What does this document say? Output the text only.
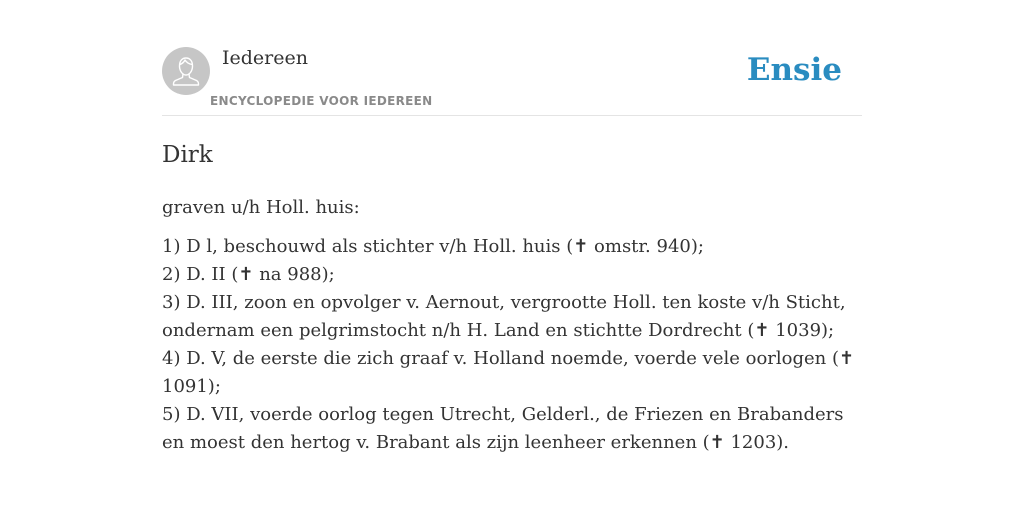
Iedereen
ENCYCLOPEDIE VOOR IEDEREEN
Ensie
Dirk

graven u/h Holl. huis:

1) D l, beschouwd als stichter v/h Holl. huis (✝ omstr. 940);
2) D. II (✝ na 988);
3) D. III, zoon en opvolger v. Aernout, vergrootte Holl. ten koste v/h Sticht, ondernam een pelgrimstocht n/h H. Land en stichtte Dordrecht (✝ 1039);
4) D. V, de eerste die zich graaf v. Holland noemde, voerde vele oorlogen (✝ 1091);
5) D. VII, voerde oorlog tegen Utrecht, Gelderl., de Friezen en Brabanders en moest den hertog v. Brabant als zijn leenheer erkennen (✝ 1203).
